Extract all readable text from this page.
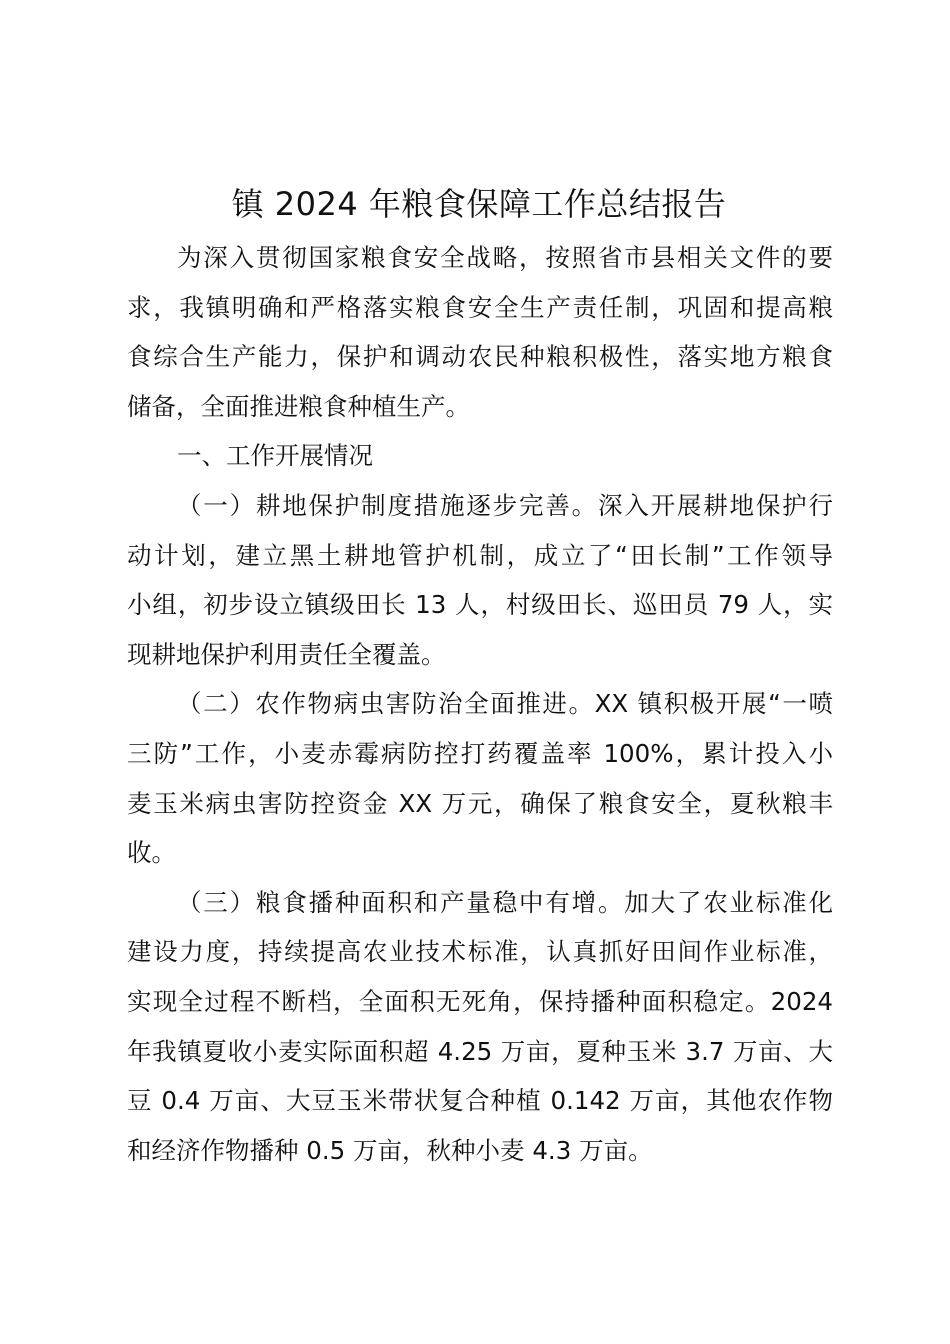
镇 2024 年粮食保障工作总结报告
为深入贯彻国家粮食安全战略，按照省市县相关文件的要
求，我镇明确和严格落实粮食安全生产责任制，巩固和提高粮
食综合生产能力，保护和调动农民种粮积极性，落实地方粮食
储备，全面推进粮食种植生产。
一、工作开展情况
（一）耕地保护制度措施逐步完善。深入开展耕地保护行
动计划，建立黑土耕地管护机制，成立了“田长制”工作领导
小组，初步设立镇级田长 13 人，村级田长、巡田员 79 人，实
现耕地保护利用责任全覆盖。
（二）农作物病虫害防治全面推进。XX 镇积极开展“一喷
三防”工作，小麦赤霉病防控打药覆盖率 100%，累计投入小
麦玉米病虫害防控资金 XX 万元，确保了粮食安全，夏秋粮丰
收。
（三）粮食播种面积和产量稳中有增。加大了农业标准化
建设力度，持续提高农业技术标准，认真抓好田间作业标准，
实现全过程不断档，全面积无死角，保持播种面积稳定。2024
年我镇夏收小麦实际面积超 4.25 万亩，夏种玉米 3.7 万亩、大
豆 0.4 万亩、大豆玉米带状复合种植 0.142 万亩，其他农作物
和经济作物播种 0.5 万亩，秋种小麦 4.3 万亩。
